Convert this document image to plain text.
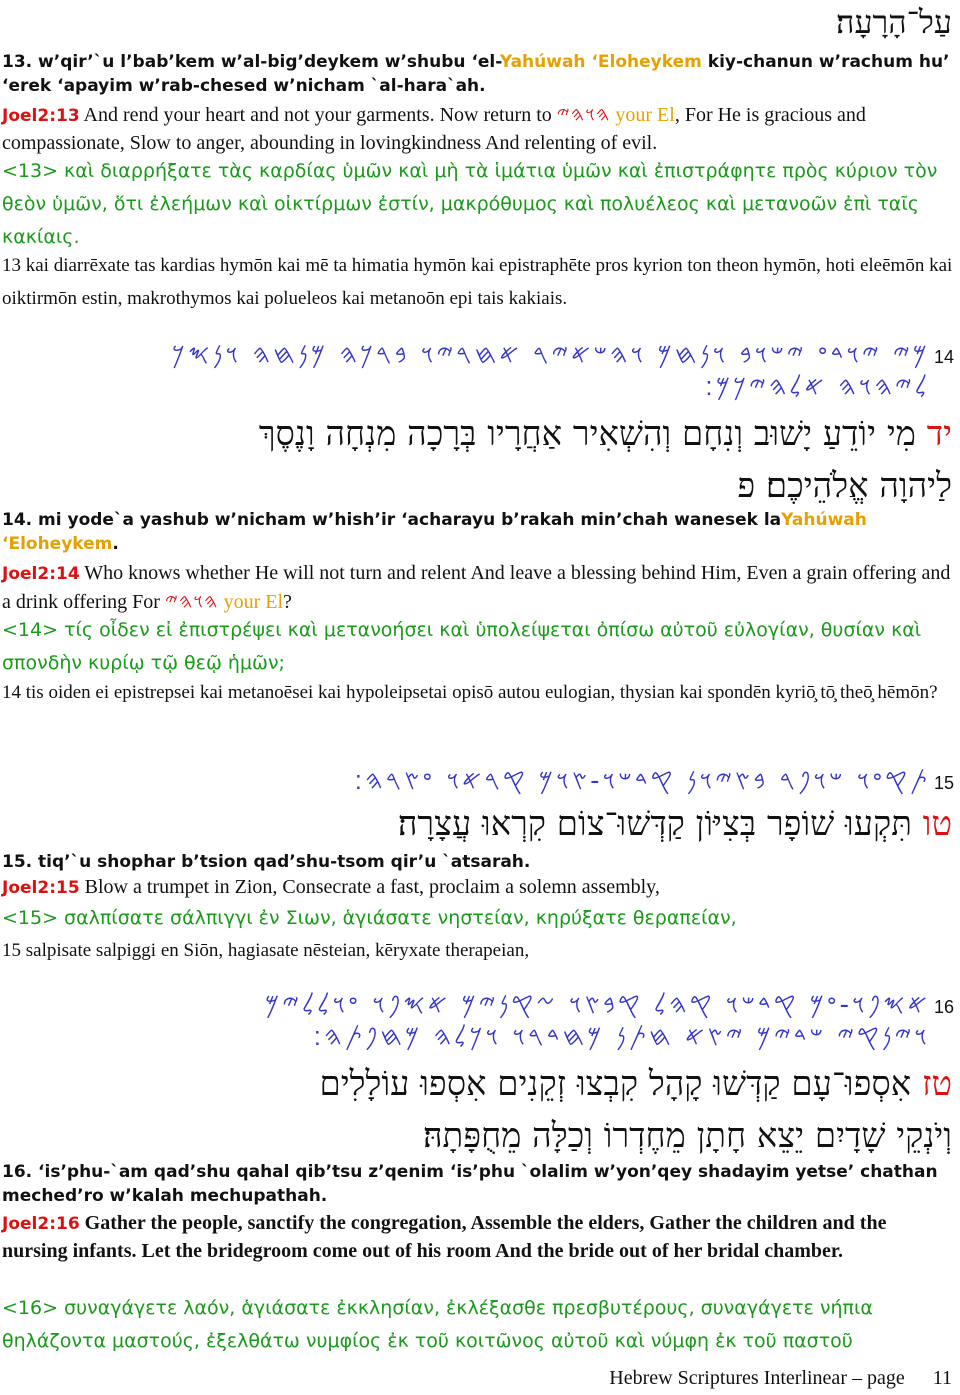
עַל־הָרָעָה׃

13. w’qir’`u l’bab’kem w’al-big’deykem w’shubu ‘el-Yahúwah ‘Eloheykem kiy-chanun w’rachum hu’ ‘erek ‘apayim w’rab-chesed w’nicham `al-hara`ah.

Joel2:13 And rend your heart and not your garments. Now return to 𐤄𐤅𐤄𐤉 your El, For He is gracious and compassionate, Slow to anger, abounding in lovingkindness And relenting of evil.

<13> καὶ διαρρήξατε τὰς καρδίας ὑμῶν καὶ μὴ τὰ ἱμάτια ὑμῶν καὶ ἐπιστράφητε πρὸς κύριον τὸν θεὸν ὑμῶν, ὅτι ἐλεήμων καὶ οἰκτίρμων ἐστίν, μακρόθυμος καὶ πολυέλεος καὶ μετανοῶν ἐπὶ ταῖς κακίαις.

13 kai diarrēxate tas kardias hymōn kai mē ta himatia hymōn kai epistraphēte pros kyrion ton theon hymōn, hoti eleēmōn kai oiktirmōn estin, makrothymos kai polueleos kai metanoōn epi tais kakiais.

𐤌𐤉 𐤉𐤅𐤃𐤏 𐤉𐤔𐤅𐤁 𐤅𐤍𐤇𐤌 𐤅𐤄𐤔𐤀𐤉𐤓 𐤀𐤇𐤓𐤉𐤅 𐤁𐤓𐤊𐤄 𐤌𐤍𐤇𐤄 𐤅𐤍𐤎𐤊 14
𐤋𐤉𐤄𐤅𐤄 𐤀𐤋𐤄𐤉𐤊𐤌׃
יד מִי יוֹדֵעַ יָשׁוּב וְנִחָם וְהִשְׁאִיר אַחֲרָיו בְּרָכָה מִנְחָה וָנֶסֶךְ
לַיהוָה אֱלֹהֵיכֶם׃ פ

14. mi yode`a yashub w’nicham w’hish’ir ‘acharayu b’rakah min’chah wanesek laYahúwah ‘Eloheykem.

Joel2:14 Who knows whether He will not turn and relent And leave a blessing behind Him, Even a grain offering and a drink offering For 𐤄𐤅𐤄𐤉 your El?

<14> τίς οἶδεν εἰ ἐπιστρέψει καὶ μετανοήσει καὶ ὑπολείψεται ὀπίσω αὐτοῦ εὐλογίαν, θυσίαν καὶ σπονδὴν κυρίῳ τῷ θεῷ ἡμῶν;

14 tis oiden ei epistrepsei kai metanoēsei kai hypoleipsetai opisō autou eulogian, thysian kai spondēn kyriō̧ tō̧ theō̧ hēmōn?

𐤕𐤒𐤏𐤅 𐤔𐤅𐤐𐤓 𐤁𐤑𐤉𐤅𐤍 𐤒𐤃𐤔𐤅-𐤑𐤅𐤌 𐤒𐤓𐤀𐤅 𐤏𐤑𐤓𐤄׃ 15
טו תִּקְעוּ שׁוֹפָר בְּצִיּוֹן קַדְּשׁוּ־צוֹם קִרְאוּ עֲצָרָה׃

15. tiq’`u shophar b’tsion qad’shu-tsom qir’u `atsarah.

Joel2:15 Blow a trumpet in Zion, Consecrate a fast, proclaim a solemn assembly,

<15> σαλπίσατε σάλπιγγι ἐν Σιων, ἁγιάσατε νηστείαν, κηρύξατε θεραπείαν,

15 salpisate salpiggi en Siōn, hagiasate nēsteian, kēryxate therapeian,

𐤀𐤎𐤐𐤅-𐤏𐤌 𐤒𐤃𐤔𐤅 𐤒𐤄𐤋 𐤒𐤁𐤑𐤅 𐤆𐤒𐤍𐤉𐤌 𐤀𐤎𐤐𐤅 𐤏𐤅𐤋𐤋𐤉𐤌 16
𐤅𐤉𐤍𐤒𐤉 𐤔𐤃𐤉𐤌 𐤉𐤑𐤀 𐤇𐤕𐤍 𐤌𐤇𐤃𐤓𐤅 𐤅𐤊𐤋𐤄 𐤌𐤇𐤐𐤕𐤄׃
טז אִסְפוּ־עָם קַדְּשׁוּ קָהָל קִבְצוּ זְקֵנִים אִסְפוּ עוֹלָלִים
וְיֹנְקֵי שָׁדָיִם יֵצֵא חָתָן מֵחֶדְרוֹ וְכַלָּה מֵחֻפָּתָהּ׃

16. ‘is’phu-`am qad’shu qahal qib’tsu z’qenim ‘is’phu `olalim w’yon’qey shadayim yetse’ chathan meched’ro w’kalah mechupathah.

Joel2:16 Gather the people, sanctify the congregation, Assemble the elders, Gather the children and the nursing infants. Let the bridegroom come out of his room And the bride out of her bridal chamber.

<16> συναγάγετε λαόν, ἁγιάσατε ἐκκλησίαν, ἐκλέξασθε πρεσβυτέρους, συναγάγετε νήπια θηλάζοντα μαστούς, ἐξελθάτω νυμφίος ἐκ τοῦ κοιτῶνος αὐτοῦ καὶ νύμφη ἐκ τοῦ παστοῦ

Hebrew Scriptures Interlinear – page 11
